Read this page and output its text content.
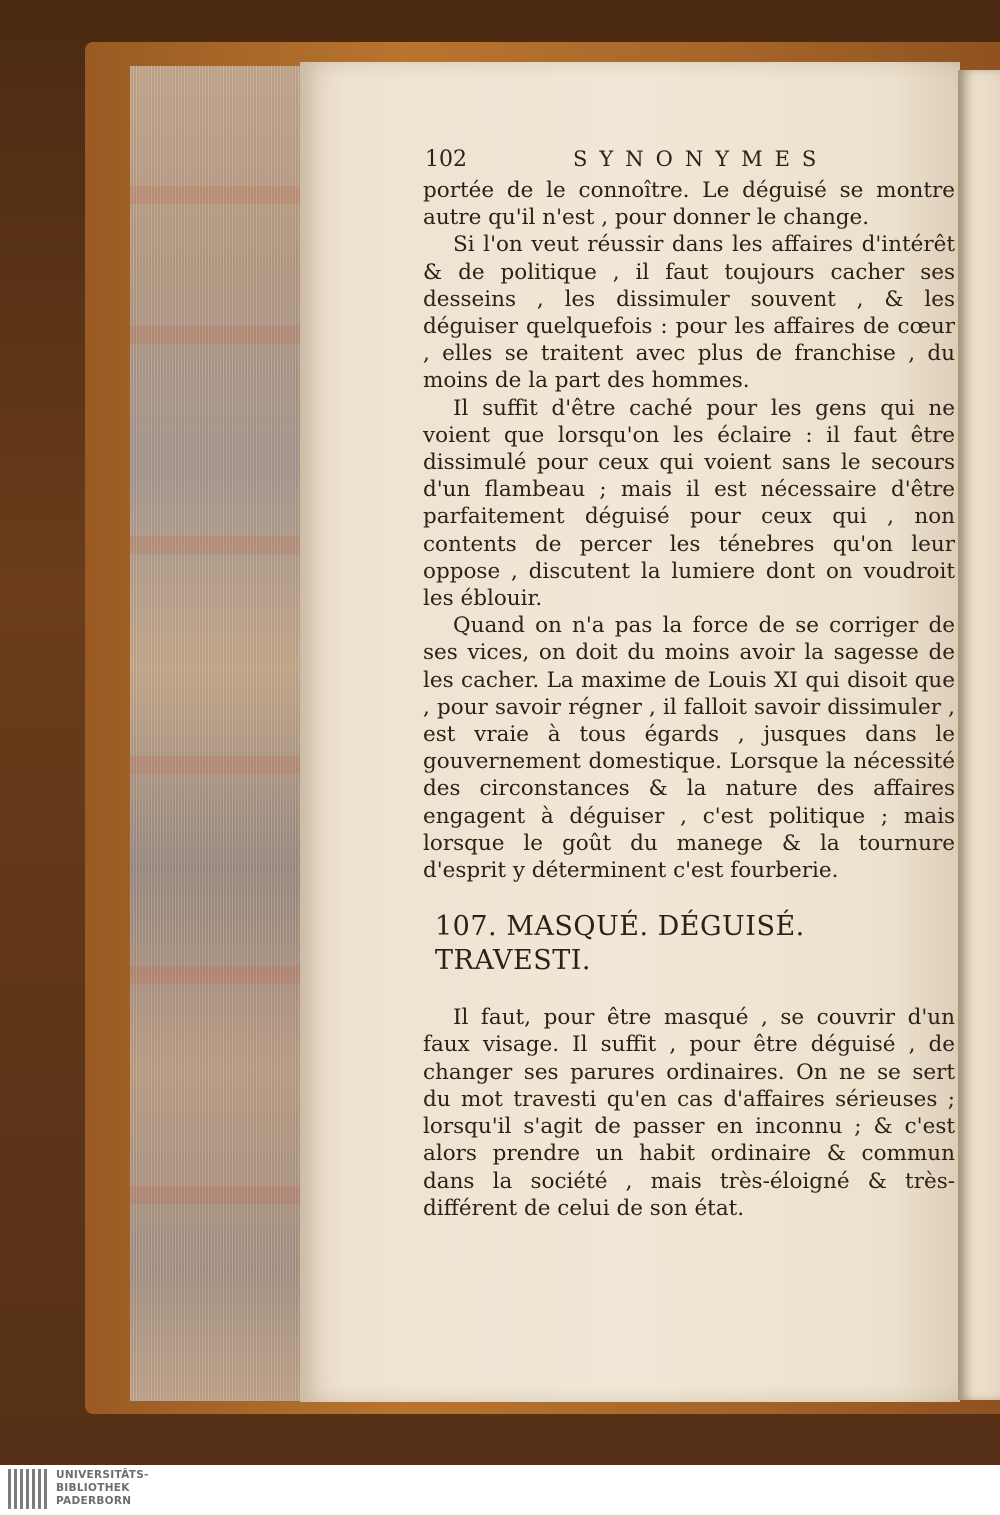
102	SYNONYMES

portée de le connoître. Le déguisé se montre autre qu'il n'est , pour donner le change.

Si l'on veut réussir dans les affaires d'intérêt & de politique , il faut toujours cacher ses desseins , les dissimuler souvent , & les déguiser quelquefois : pour les affaires de cœur , elles se traitent avec plus de franchise , du moins de la part des hommes.

Il suffit d'être caché pour les gens qui ne voient que lorsqu'on les éclaire : il faut être dissimulé pour ceux qui voient sans le secours d'un flambeau ; mais il est nécessaire d'être parfaitement déguisé pour ceux qui , non contents de percer les ténebres qu'on leur oppose , discutent la lumiere dont on voudroit les éblouir.

Quand on n'a pas la force de se corriger de ses vices, on doit du moins avoir la sagesse de les cacher. La maxime de Louis XI qui disoit que , pour savoir régner , il falloit savoir dissimuler , est vraie à tous égards , jusques dans le gouvernement domestique. Lorsque la nécessité des circonstances & la nature des affaires engagent à déguiser , c'est politique ; mais lorsque le goût du manege & la tournure d'esprit y déterminent c'est fourberie.

107. MASQUÉ. DÉGUISÉ. TRAVESTI.

Il faut, pour être masqué , se couvrir d'un faux visage. Il suffit , pour être déguisé , de changer ses parures ordinaires. On ne se sert du mot travesti qu'en cas d'affaires sérieuses ; lorsqu'il s'agit de passer en inconnu ; & c'est alors prendre un habit ordinaire & commun dans la société , mais très-éloigné & très-différent de celui de son état.

UNIVERSITÄTS-
BIBLIOTHEK
PADERBORN
